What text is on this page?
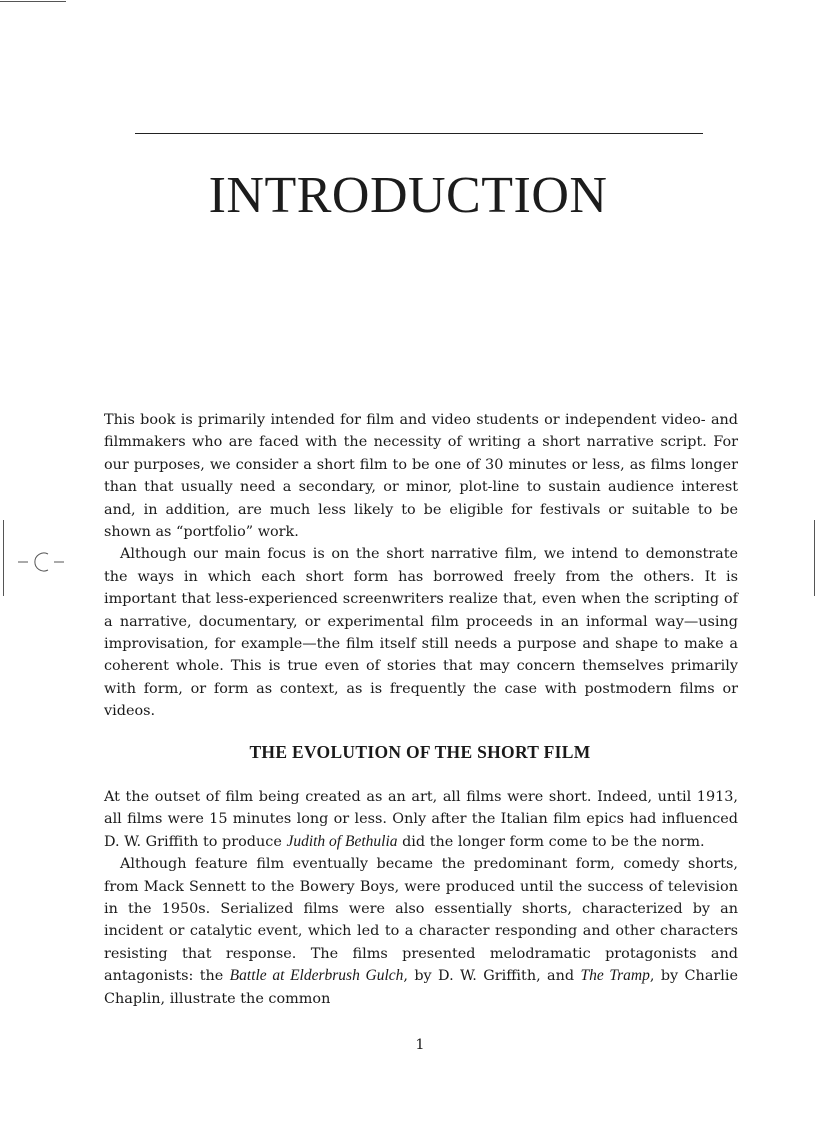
INTRODUCTION

This book is primarily intended for film and video students or independent video- and filmmakers who are faced with the necessity of writing a short narrative script. For our purposes, we consider a short film to be one of 30 minutes or less, as films longer than that usually need a secondary, or minor, plot-line to sustain audience interest and, in addition, are much less likely to be eligible for festivals or suitable to be shown as “portfolio” work.

Although our main focus is on the short narrative film, we intend to demonstrate the ways in which each short form has borrowed freely from the others. It is important that less-experienced screenwriters realize that, even when the scripting of a narrative, documentary, or experimental film proceeds in an informal way—using improvisation, for example—the film itself still needs a purpose and shape to make a coherent whole. This is true even of stories that may concern themselves primarily with form, or form as context, as is frequently the case with postmodern films or videos.

THE EVOLUTION OF THE SHORT FILM

At the outset of film being created as an art, all films were short. Indeed, until 1913, all films were 15 minutes long or less. Only after the Italian film epics had influenced D. W. Griffith to produce Judith of Bethulia did the longer form come to be the norm.

Although feature film eventually became the predominant form, comedy shorts, from Mack Sennett to the Bowery Boys, were produced until the success of television in the 1950s. Serialized films were also essentially shorts, characterized by an incident or catalytic event, which led to a character responding and other characters resisting that response. The films presented melodramatic protagonists and antagonists: the Battle at Elderbrush Gulch, by D. W. Griffith, and The Tramp, by Charlie Chaplin, illustrate the common

1
